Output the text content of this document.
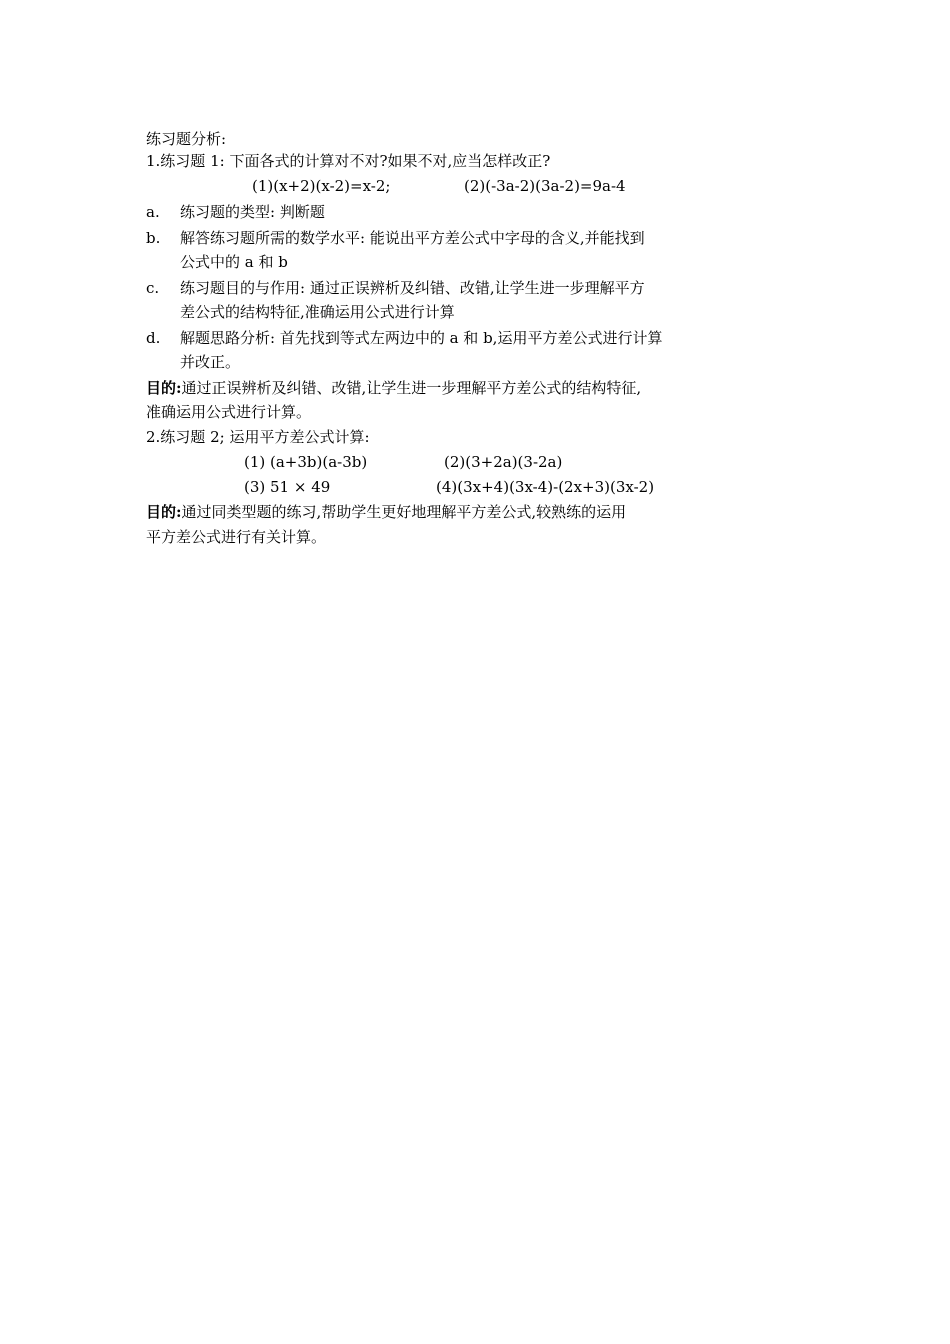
练习题分析:
1.练习题 1: 下面各式的计算对不对?如果不对,应当怎样改正?
(1)(x+2)(x-2)=x-2;	(2)(-3a-2)(3a-2)=9a-4
a. 练习题的类型: 判断题
b. 解答练习题所需的数学水平: 能说出平方差公式中字母的含义,并能找到
公式中的 a 和 b
c. 练习题目的与作用: 通过正误辨析及纠错、改错,让学生进一步理解平方
差公式的结构特征,准确运用公式进行计算
d. 解题思路分析: 首先找到等式左两边中的 a 和 b,运用平方差公式进行计算
并改正。
目的:通过正误辨析及纠错、改错,让学生进一步理解平方差公式的结构特征,
准确运用公式进行计算。
2.练习题 2; 运用平方差公式计算:
(1) (a+3b)(a-3b)	(2)(3+2a)(3-2a)
(3) 51 × 49	(4)(3x+4)(3x-4)-(2x+3)(3x-2)
目的:通过同类型题的练习,帮助学生更好地理解平方差公式,较熟练的运用
平方差公式进行有关计算。
